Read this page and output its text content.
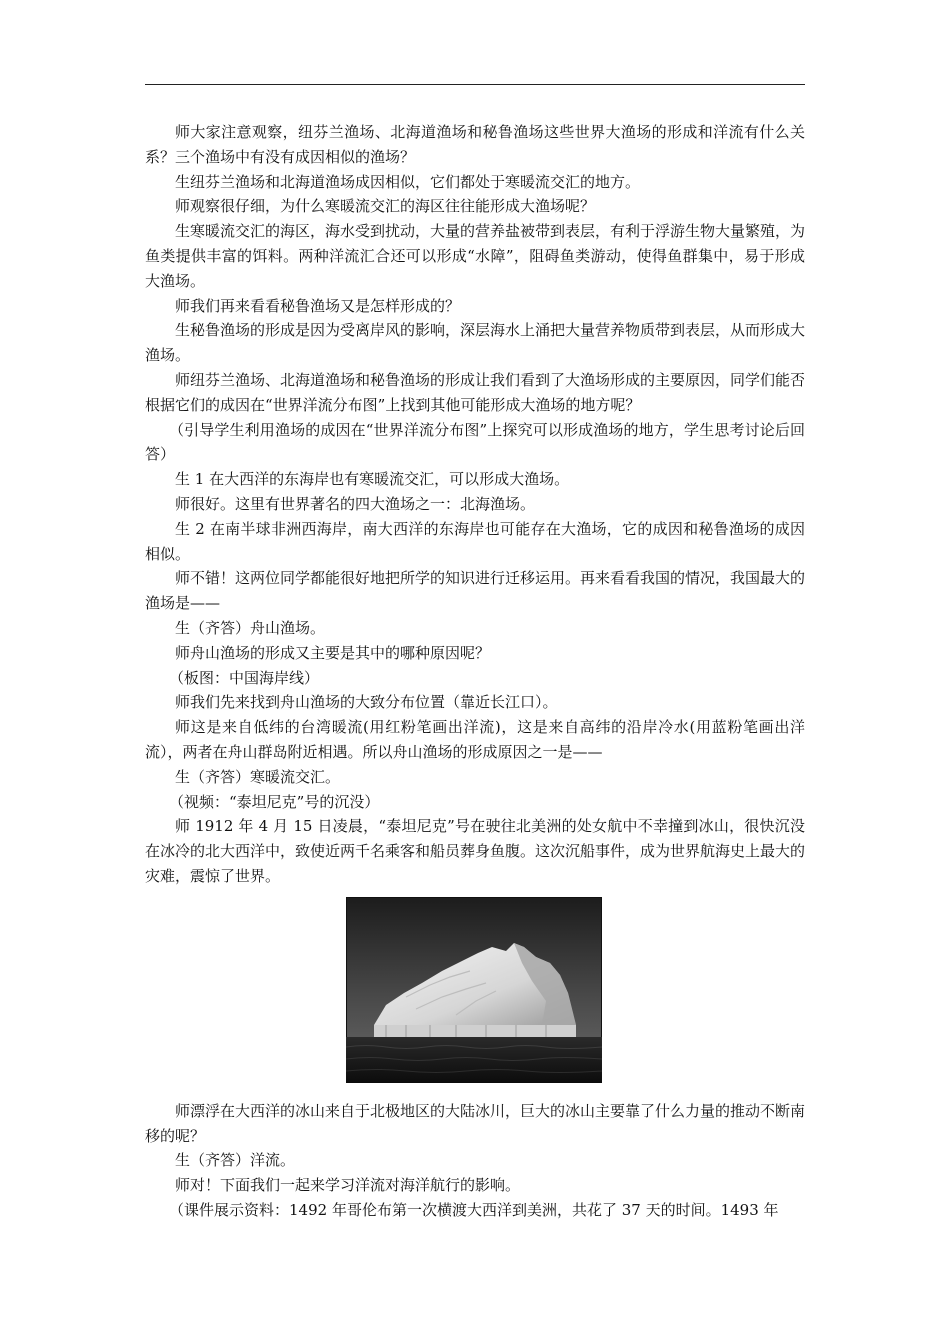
师大家注意观察，纽芬兰渔场、北海道渔场和秘鲁渔场这些世界大渔场的形成和洋流有什么关系？三个渔场中有没有成因相似的渔场？

生纽芬兰渔场和北海道渔场成因相似，它们都处于寒暖流交汇的地方。

师观察很仔细，为什么寒暖流交汇的海区往往能形成大渔场呢？

生寒暖流交汇的海区，海水受到扰动，大量的营养盐被带到表层，有利于浮游生物大量繁殖，为鱼类提供丰富的饵料。两种洋流汇合还可以形成“水障”，阻碍鱼类游动，使得鱼群集中，易于形成大渔场。

师我们再来看看秘鲁渔场又是怎样形成的？

生秘鲁渔场的形成是因为受离岸风的影响，深层海水上涌把大量营养物质带到表层，从而形成大渔场。

师纽芬兰渔场、北海道渔场和秘鲁渔场的形成让我们看到了大渔场形成的主要原因，同学们能否根据它们的成因在“世界洋流分布图”上找到其他可能形成大渔场的地方呢？

（引导学生利用渔场的成因在“世界洋流分布图”上探究可以形成渔场的地方，学生思考讨论后回答）

生 1 在大西洋的东海岸也有寒暖流交汇，可以形成大渔场。

师很好。这里有世界著名的四大渔场之一：北海渔场。

生 2 在南半球非洲西海岸，南大西洋的东海岸也可能存在大渔场，它的成因和秘鲁渔场的成因相似。

师不错！这两位同学都能很好地把所学的知识进行迁移运用。再来看看我国的情况，我国最大的渔场是——

生（齐答）舟山渔场。

师舟山渔场的形成又主要是其中的哪种原因呢？

（板图：中国海岸线）

师我们先来找到舟山渔场的大致分布位置（靠近长江口）。

师这是来自低纬的台湾暖流(用红粉笔画出洋流)，这是来自高纬的沿岸冷水(用蓝粉笔画出洋流），两者在舟山群岛附近相遇。所以舟山渔场的形成原因之一是——

生（齐答）寒暖流交汇。

（视频：“泰坦尼克”号的沉没）

师 1912 年 4 月 15 日凌晨，“泰坦尼克”号在驶往北美洲的处女航中不幸撞到冰山，很快沉没在冰冷的北大西洋中，致使近两千名乘客和船员葬身鱼腹。这次沉船事件，成为世界航海史上最大的灾难，震惊了世界。

师漂浮在大西洋的冰山来自于北极地区的大陆冰川，巨大的冰山主要靠了什么力量的推动不断南移的呢？

生（齐答）洋流。

师对！下面我们一起来学习洋流对海洋航行的影响。

（课件展示资料：1492 年哥伦布第一次横渡大西洋到美洲，共花了 37 天的时间。1493 年
